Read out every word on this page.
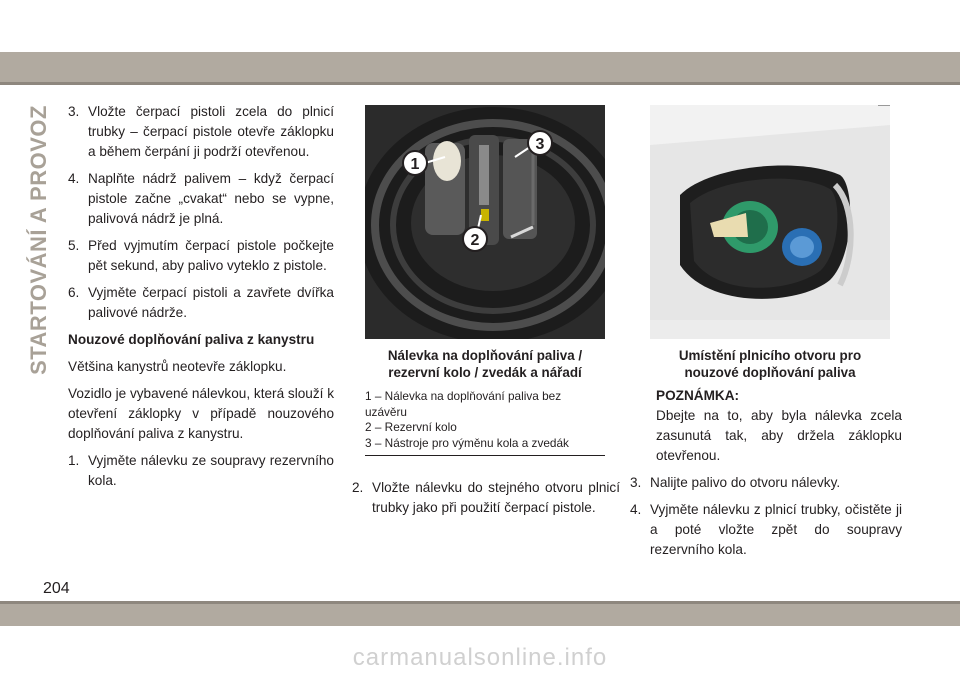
STARTOVÁNÍ A PROVOZ 3. Vložte čerpací pistoli zcela do plnicí trubky – čerpací pistole otevře záklopku a během čerpání ji podrží otevřenou.
4. Naplňte nádrž palivem – když čerpací pistole začne „cvakat“ nebo se vypne, palivová nádrž je plná.
5. Před vyjmutím čerpací pistole počkejte pět sekund, aby palivo vyteklo z pistole.
6. Vyjměte čerpací pistoli a zavřete dvířka palivové nádrže.

Nouzové doplňování paliva z kanystru

Většina kanystrů neotevře záklopku.

Vozidlo je vybavené nálevkou, která slouží k otevření záklopky v případě nouzového doplňování paliva z kanystru.

1. Vyjměte nálevku ze soupravy rezervního kola.
1
3
2
Nálevka na doplňování paliva / rezervní kolo / zvedák a nářadí
1 – Nálevka na doplňování paliva bez uzávěru
2 – Rezervní kolo
3 – Nástroje pro výměnu kola a zvedák
2. Vložte nálevku do stejného otvoru plnicí trubky jako při použití čerpací pistole.
Umístění plnicího otvoru pro nouzové doplňování paliva
POZNÁMKA:
Dbejte na to, aby byla nálevka zcela zasunutá tak, aby držela záklopku otevřenou.
3. Nalijte palivo do otvoru nálevky.
4. Vyjměte nálevku z plnicí trubky, očistěte ji a poté vložte zpět do soupravy rezervního kola.
204
carmanualsonline.info
